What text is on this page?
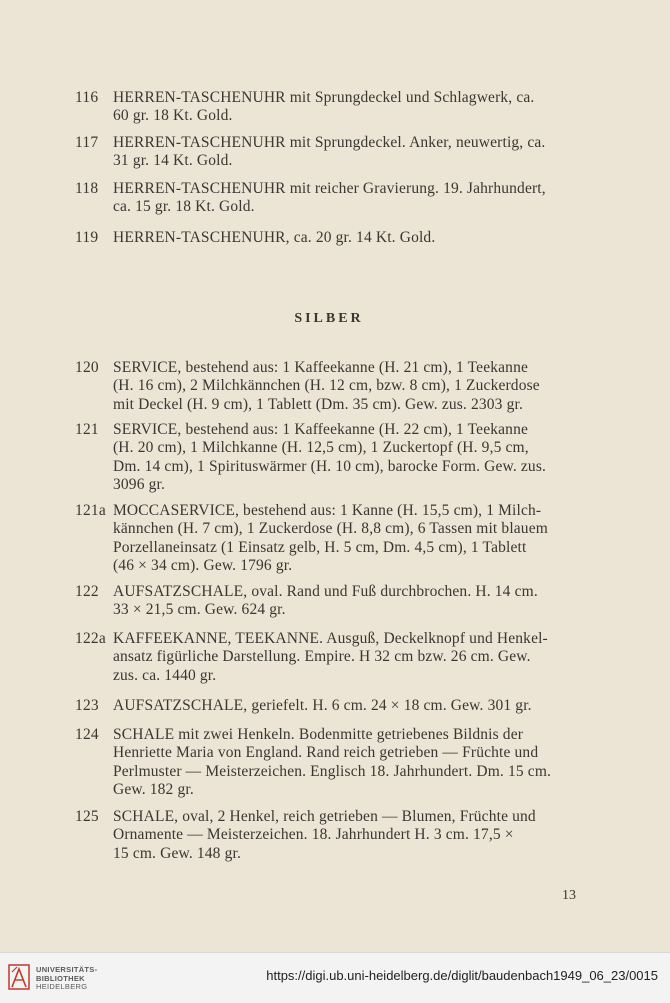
116 HERREN-TASCHENUHR mit Sprungdeckel und Schlagwerk, ca.
60 gr. 18 Kt. Gold.
117 HERREN-TASCHENUHR mit Sprungdeckel. Anker, neuwertig, ca.
31 gr. 14 Kt. Gold.
118 HERREN-TASCHENUHR mit reicher Gravierung. 19. Jahrhundert,
ca. 15 gr. 18 Kt. Gold.
119 HERREN-TASCHENUHR, ca. 20 gr. 14 Kt. Gold.
SILBER
120 SERVICE, bestehend aus: 1 Kaffeekanne (H. 21 cm), 1 Teekanne
(H. 16 cm), 2 Milchkännchen (H. 12 cm, bzw. 8 cm), 1 Zuckerdose
mit Deckel (H. 9 cm), 1 Tablett (Dm. 35 cm). Gew. zus. 2303 gr.
121 SERVICE, bestehend aus: 1 Kaffeekanne (H. 22 cm), 1 Teekanne
(H. 20 cm), 1 Milchkanne (H. 12,5 cm), 1 Zuckertopf (H. 9,5 cm,
Dm. 14 cm), 1 Spirituswärmer (H. 10 cm), barocke Form. Gew. zus.
3096 gr.
121a MOCCASERVICE, bestehend aus: 1 Kanne (H. 15,5 cm), 1 Milch-
kännchen (H. 7 cm), 1 Zuckerdose (H. 8,8 cm), 6 Tassen mit blauem
Porzellaneinsatz (1 Einsatz gelb, H. 5 cm, Dm. 4,5 cm), 1 Tablett
(46 × 34 cm). Gew. 1796 gr.
122 AUFSATZSCHALE, oval. Rand und Fuß durchbrochen. H. 14 cm.
33 × 21,5 cm. Gew. 624 gr.
122a KAFFEEKANNE, TEEKANNE. Ausguß, Deckelknopf und Henkel-
ansatz figürliche Darstellung. Empire. H 32 cm bzw. 26 cm. Gew.
zus. ca. 1440 gr.
123 AUFSATZSCHALE, geriefelt. H. 6 cm. 24 × 18 cm. Gew. 301 gr.
124 SCHALE mit zwei Henkeln. Bodenmitte getriebenes Bildnis der
Henriette Maria von England. Rand reich getrieben — Früchte und
Perlmuster — Meisterzeichen. Englisch 18. Jahrhundert. Dm. 15 cm.
Gew. 182 gr.
125 SCHALE, oval, 2 Henkel, reich getrieben — Blumen, Früchte und
Ornamente — Meisterzeichen. 18. Jahrhundert H. 3 cm. 17,5 ×
15 cm. Gew. 148 gr.
13
UNIVERSITÄTS-
BIBLIOTHEK
HEIDELBERG
https://digi.ub.uni-heidelberg.de/diglit/baudenbach1949_06_23/0015
